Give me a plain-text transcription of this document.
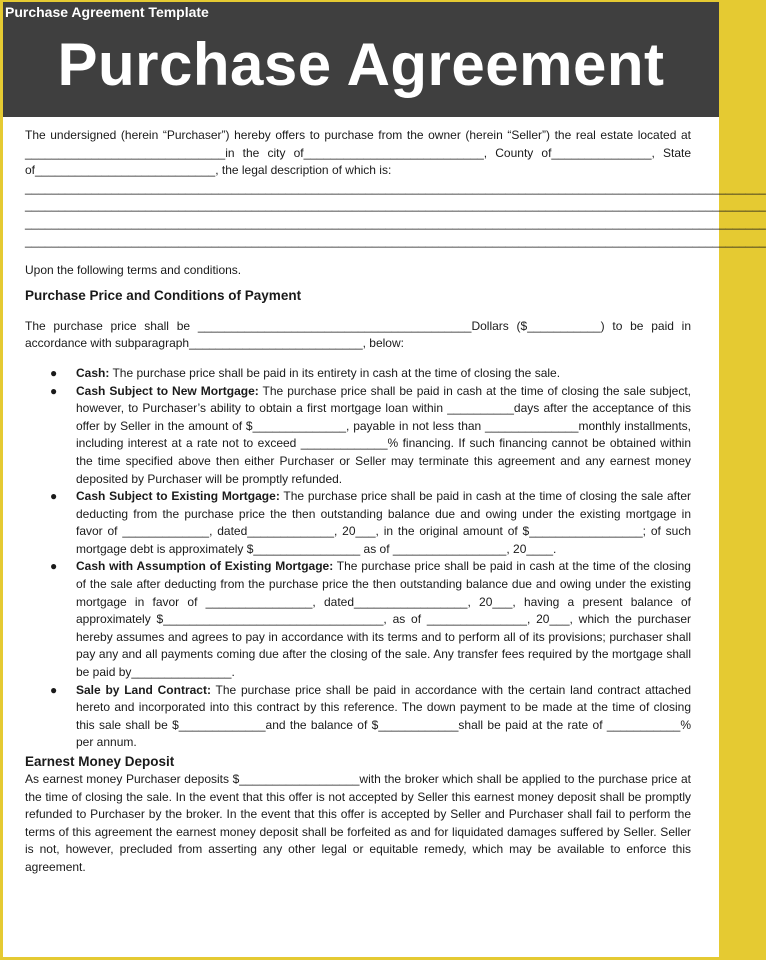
Purchase Agreement Template
Purchase Agreement

The undersigned (herein “Purchaser”) hereby offers to purchase from the owner (herein “Seller”) the real estate located at ______________________________in the city of___________________________, County of_______________, State of___________________________, the legal description of which is:

_______________________________________________________________________________________________________________

_______________________________________________________________________________________________________________

_______________________________________________________________________________________________________________

_______________________________________________________________________________________________________________

Upon the following terms and conditions.

Purchase Price and Conditions of Payment

The purchase price shall be _________________________________________Dollars ($___________) to be paid in accordance with subparagraph__________________________, below:

● Cash: The purchase price shall be paid in its entirety in cash at the time of closing the sale.
● Cash Subject to New Mortgage: The purchase price shall be paid in cash at the time of closing the sale subject, however, to Purchaser’s ability to obtain a first mortgage loan within __________days after the acceptance of this offer by Seller in the amount of $______________, payable in not less than ______________monthly installments, including interest at a rate not to exceed _____________% financing. If such financing cannot be obtained within the time specified above then either Purchaser or Seller may terminate this agreement and any earnest money deposited by Purchaser will be promptly refunded.
● Cash Subject to Existing Mortgage: The purchase price shall be paid in cash at the time of closing the sale after deducting from the purchase price the then outstanding balance due and owing under the existing mortgage in favor of _____________, dated_____________, 20___, in the original amount of $_________________; of such mortgage debt is approximately $________________ as of _________________, 20____.
● Cash with Assumption of Existing Mortgage: The purchase price shall be paid in cash at the time of the closing of the sale after deducting from the purchase price the then outstanding balance due and owing under the existing mortgage in favor of ________________, dated_________________, 20___, having a present balance of approximately $_________________________________, as of _______________, 20___, which the purchaser hereby assumes and agrees to pay in accordance with its terms and to perform all of its provisions; purchaser shall pay any and all payments coming due after the closing of the sale. Any transfer fees required by the mortgage shall be paid by_______________.
● Sale by Land Contract: The purchase price shall be paid in accordance with the certain land contract attached hereto and incorporated into this contract by this reference. The down payment to be made at the time of closing this sale shall be $_____________and the balance of $____________shall be paid at the rate of ___________% per annum.

Earnest Money Deposit

As earnest money Purchaser deposits $__________________with the broker which shall be applied to the purchase price at the time of closing the sale. In the event that this offer is not accepted by Seller this earnest money deposit shall be promptly refunded to Purchaser by the broker. In the event that this offer is accepted by Seller and Purchaser shall fail to perform the terms of this agreement the earnest money deposit shall be forfeited as and for liquidated damages suffered by Seller. Seller is not, however, precluded from asserting any other legal or equitable remedy, which may be available to enforce this agreement.
